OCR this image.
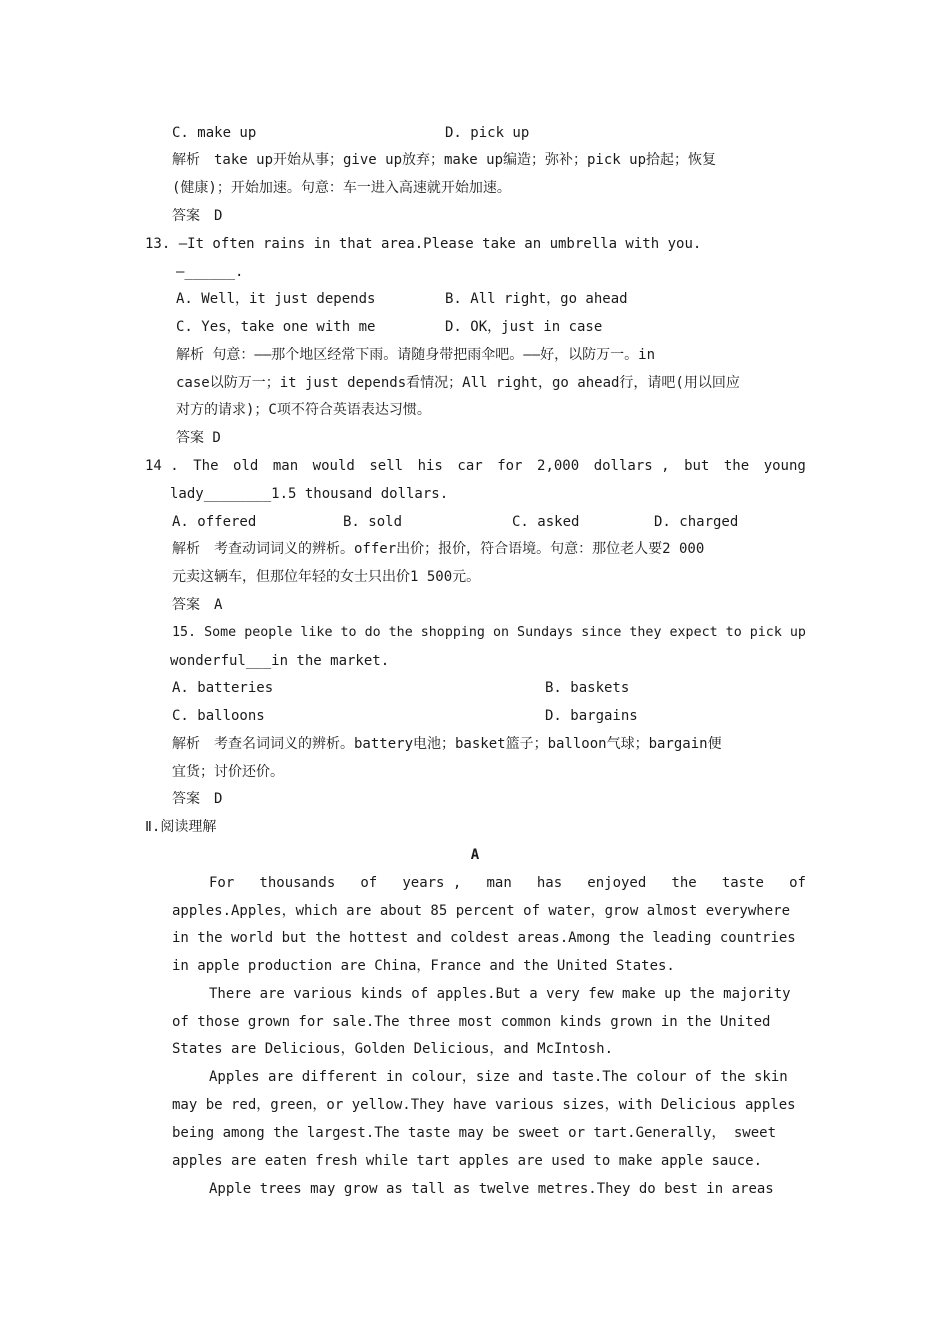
C. make up	D. pick up
解析　take up开始从事；give up放弃；make up编造；弥补；pick up拾起；恢复
(健康)；开始加速。句意：车一进入高速就开始加速。
答案　D
13. —It often rains in that area.Please take an umbrella with you.
—______.
A. Well，it just depends	B. All right，go ahead
C. Yes，take one with me	D. OK，just in case
解析 句意：——那个地区经常下雨。请随身带把雨伞吧。——好，以防万一。in
case以防万一；it just depends看情况；All right，go ahead行，请吧(用以回应
对方的请求)；C项不符合英语表达习惯。
答案 D
14 . The old man would sell his car for 2,000 dollars , but the young
lady________1.5 thousand dollars.
A. offered	B. sold	C. asked	D. charged
解析　考查动词词义的辨析。offer出价；报价，符合语境。句意：那位老人要2 000
元卖这辆车，但那位年轻的女士只出价1 500元。
答案　A
15. Some people like to do the shopping on Sundays since they expect to pick up
wonderful___in the market.
A. batteries	B. baskets
C. balloons	D. bargains
解析　考查名词词义的辨析。battery电池；basket篮子；balloon气球；bargain便
宜货；讨价还价。
答案　D
Ⅱ.阅读理解
A
For thousands of years , man has enjoyed the taste of
apples.Apples，which are about 85 percent of water，grow almost everywhere
in the world but the hottest and coldest areas.Among the leading countries
in apple production are China，France and the United States.
There are various kinds of apples.But a very few make up the majority
of those grown for sale.The three most common kinds grown in the United
States are Delicious，Golden Delicious，and McIntosh.
Apples are different in colour，size and taste.The colour of the skin
may be red，green，or yellow.They have various sizes，with Delicious apples
being among the largest.The taste may be sweet or tart.Generally， sweet
apples are eaten fresh while tart apples are used to make apple sauce.
Apple trees may grow as tall as twelve metres.They do best in areas
